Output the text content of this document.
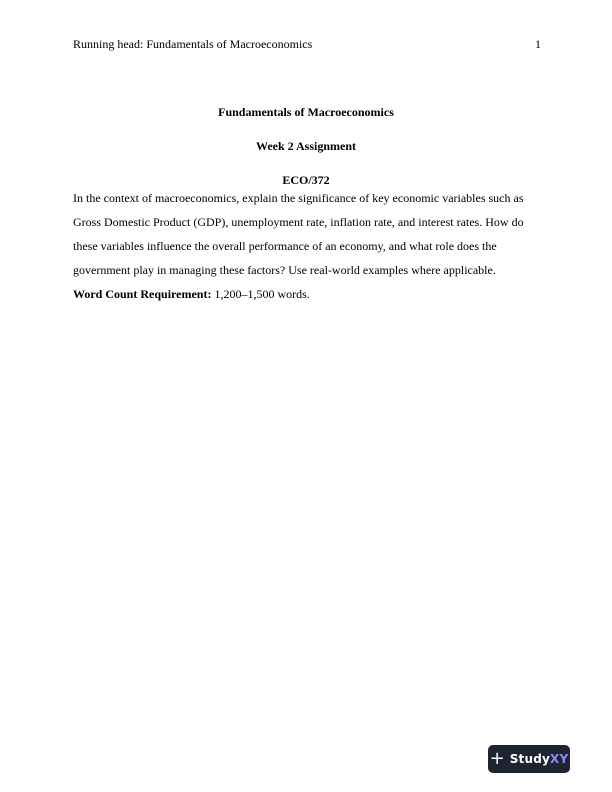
Running head: Fundamentals of Macroeconomics	1
Fundamentals of Macroeconomics
Week 2 Assignment
ECO/372

In the context of macroeconomics, explain the significance of key economic variables such as Gross Domestic Product (GDP), unemployment rate, inflation rate, and interest rates. How do these variables influence the overall performance of an economy, and what role does the government play in managing these factors? Use real-world examples where applicable.

Word Count Requirement: 1,200–1,500 words.

+ StudyXY
